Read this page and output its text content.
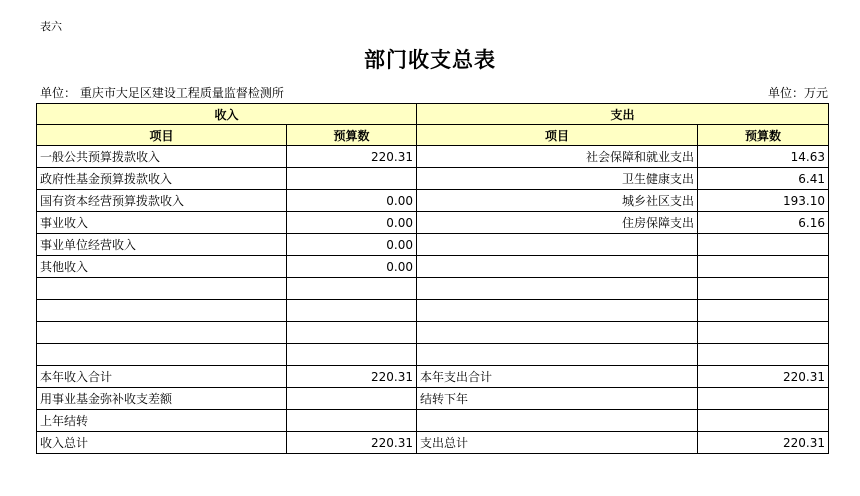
表六
部门收支总表
单位： 重庆市大足区建设工程质量监督检测所	单位：万元
收入		支出	
项目	预算数	项目	预算数
一般公共预算拨款收入	220.31	社会保障和就业支出	14.63
政府性基金预算拨款收入		卫生健康支出	6.41
国有资本经营预算拨款收入	0.00	城乡社区支出	193.10
事业收入	0.00	住房保障支出	6.16
事业单位经营收入	0.00		
其他收入	0.00		

本年收入合计	220.31	本年支出合计	220.31
用事业基金弥补收支差额		结转下年	
上年结转			
收入总计	220.31	支出总计	220.31
